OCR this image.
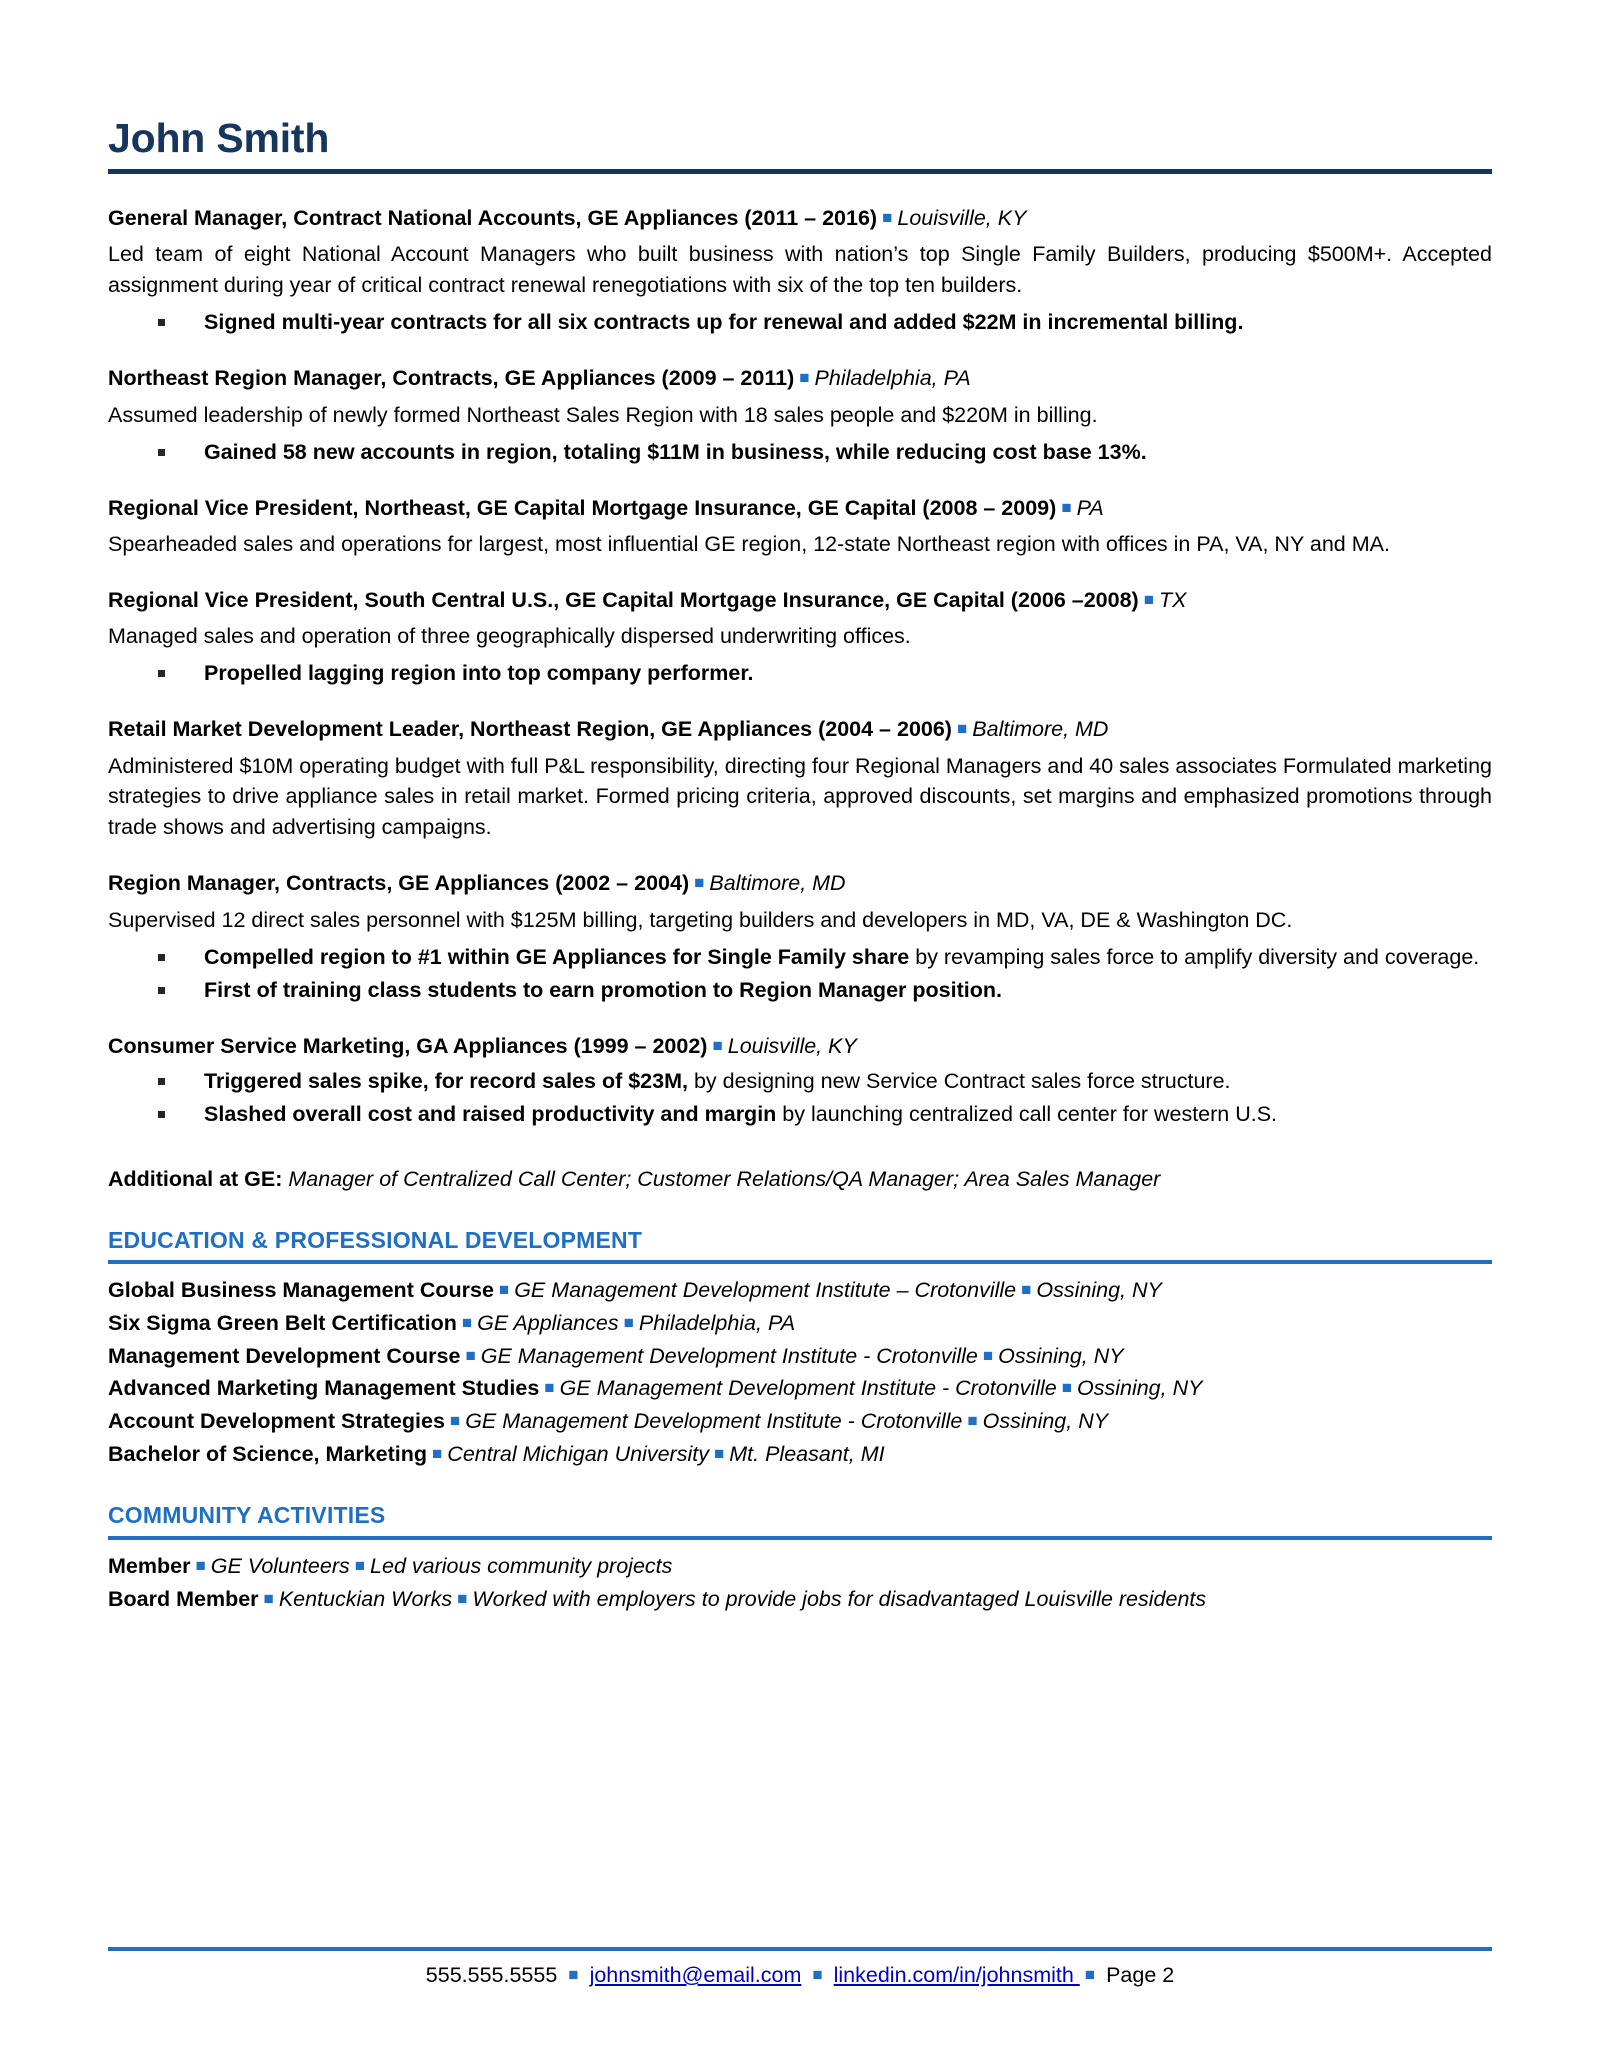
John Smith
General Manager, Contract National Accounts, GE Appliances (2011 – 2016) ■ Louisville, KY
Led team of eight National Account Managers who built business with nation’s top Single Family Builders, producing $500M+. Accepted assignment during year of critical contract renewal renegotiations with six of the top ten builders.
Signed multi-year contracts for all six contracts up for renewal and added $22M in incremental billing.
Northeast Region Manager, Contracts, GE Appliances (2009 – 2011) ■ Philadelphia, PA
Assumed leadership of newly formed Northeast Sales Region with 18 sales people and $220M in billing.
Gained 58 new accounts in region, totaling $11M in business, while reducing cost base 13%.
Regional Vice President, Northeast, GE Capital Mortgage Insurance, GE Capital (2008 – 2009) ■ PA
Spearheaded sales and operations for largest, most influential GE region, 12-state Northeast region with offices in PA, VA, NY and MA.
Regional Vice President, South Central U.S., GE Capital Mortgage Insurance, GE Capital (2006 –2008) ■ TX
Managed sales and operation of three geographically dispersed underwriting offices.
Propelled lagging region into top company performer.
Retail Market Development Leader, Northeast Region, GE Appliances (2004 – 2006) ■ Baltimore, MD
Administered $10M operating budget with full P&L responsibility, directing four Regional Managers and 40 sales associates Formulated marketing strategies to drive appliance sales in retail market. Formed pricing criteria, approved discounts, set margins and emphasized promotions through trade shows and advertising campaigns.
Region Manager, Contracts, GE Appliances (2002 – 2004) ■ Baltimore, MD
Supervised 12 direct sales personnel with $125M billing, targeting builders and developers in MD, VA, DE & Washington DC.
Compelled region to #1 within GE Appliances for Single Family share by revamping sales force to amplify diversity and coverage.
First of training class students to earn promotion to Region Manager position.
Consumer Service Marketing, GA Appliances (1999 – 2002) ■ Louisville, KY
Triggered sales spike, for record sales of $23M, by designing new Service Contract sales force structure.
Slashed overall cost and raised productivity and margin by launching centralized call center for western U.S.
Additional at GE: Manager of Centralized Call Center; Customer Relations/QA Manager; Area Sales Manager
EDUCATION & PROFESSIONAL DEVELOPMENT
Global Business Management Course ■ GE Management Development Institute – Crotonville ■ Ossining, NY
Six Sigma Green Belt Certification ■ GE Appliances ■ Philadelphia, PA
Management Development Course ■ GE Management Development Institute - Crotonville ■ Ossining, NY
Advanced Marketing Management Studies ■ GE Management Development Institute - Crotonville ■ Ossining, NY
Account Development Strategies ■ GE Management Development Institute - Crotonville ■ Ossining, NY
Bachelor of Science, Marketing ■ Central Michigan University ■ Mt. Pleasant, MI
COMMUNITY ACTIVITIES
Member ■ GE Volunteers ■ Led various community projects
Board Member ■ Kentuckian Works ■ Worked with employers to provide jobs for disadvantaged Louisville residents
555.555.5555 ■ johnsmith@email.com ■ linkedin.com/in/johnsmith ■ Page 2
